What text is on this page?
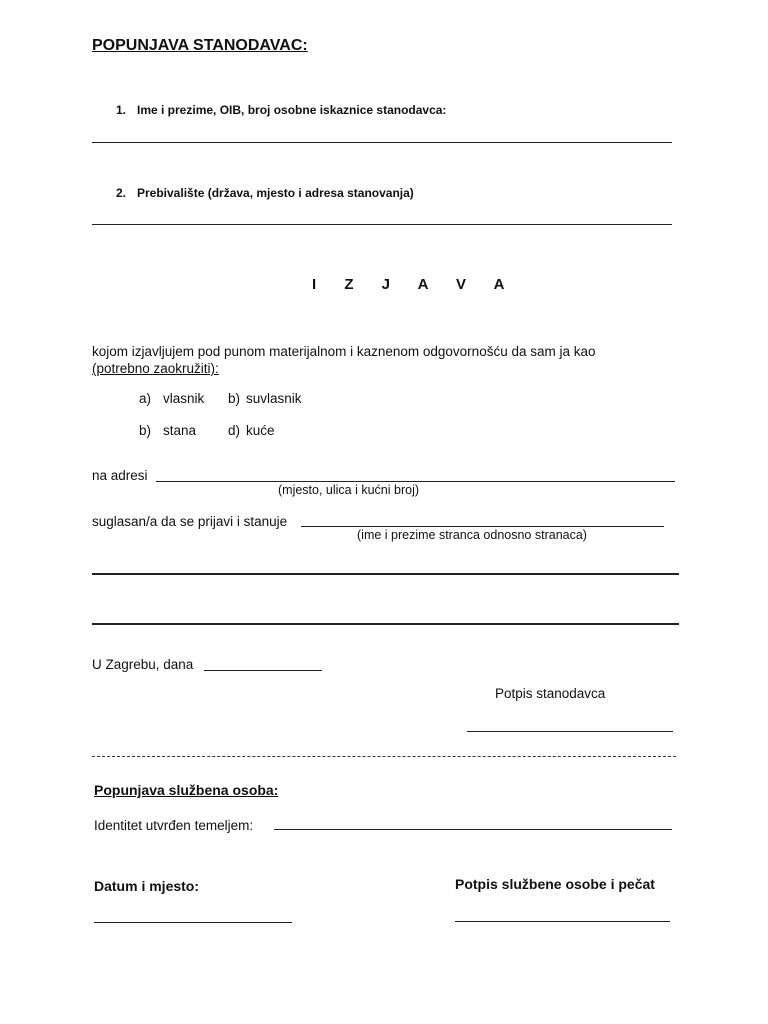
POPUNJAVA STANODAVAC:
1. Ime i prezime, OIB, broj osobne iskaznice stanodavca:
2. Prebivalište (država, mjesto i adresa stanovanja)
I Z J A V A
kojom izjavljujem pod punom materijalnom i kaznenom odgovornošću da sam ja kao
(potrebno zaokružiti):
a) vlasnik b) suvlasnik
b) stana d) kuće
na adresi
(mjesto, ulica i kućni broj)
suglasan/a da se prijavi i stanuje
(ime i prezime stranca odnosno stranaca)
U Zagrebu, dana
Potpis stanodavca
Popunjava službena osoba:
Identitet utvrđen temeljem:
Datum i mjesto:	Potpis službene osobe i pečat
